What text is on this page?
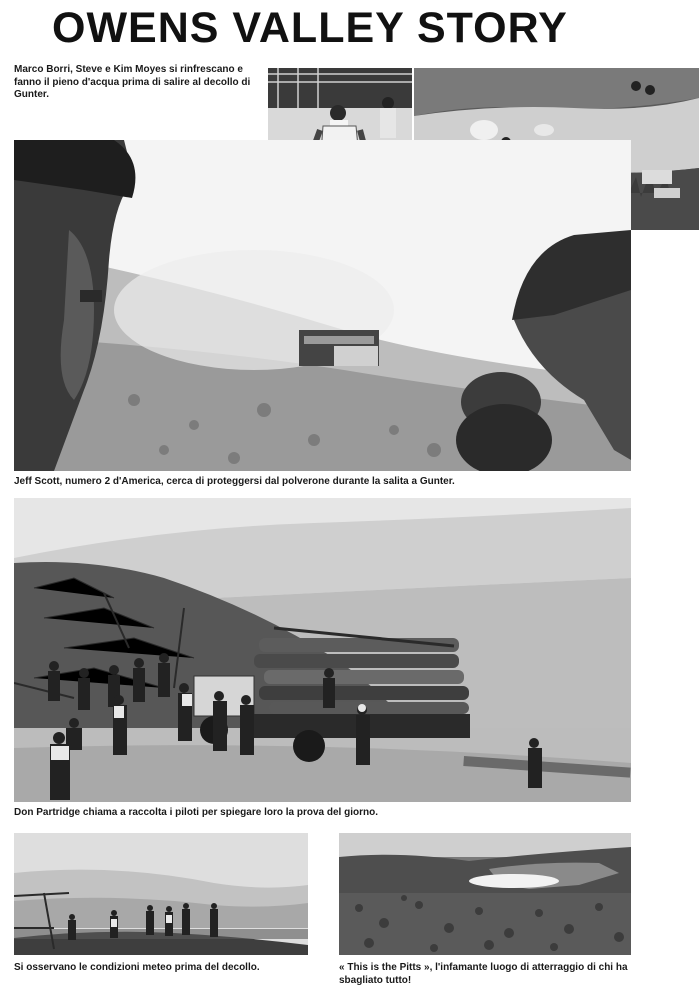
OWENS VALLEY STORY
Marco Borri, Steve e Kim Moyes si rinfrescano e fanno il pieno d'acqua prima di salire al decollo di Gunter.
Jeff Scott, numero 2 d'America, cerca di proteggersi dal polverone durante la salita a Gunter.
Don Partridge chiama a raccolta i piloti per spiegare loro la prova del giorno.
Si osservano le condizioni meteo prima del decollo.	« This is the Pitts », l'infamante luogo di atterraggio di chi ha sbagliato tutto!
